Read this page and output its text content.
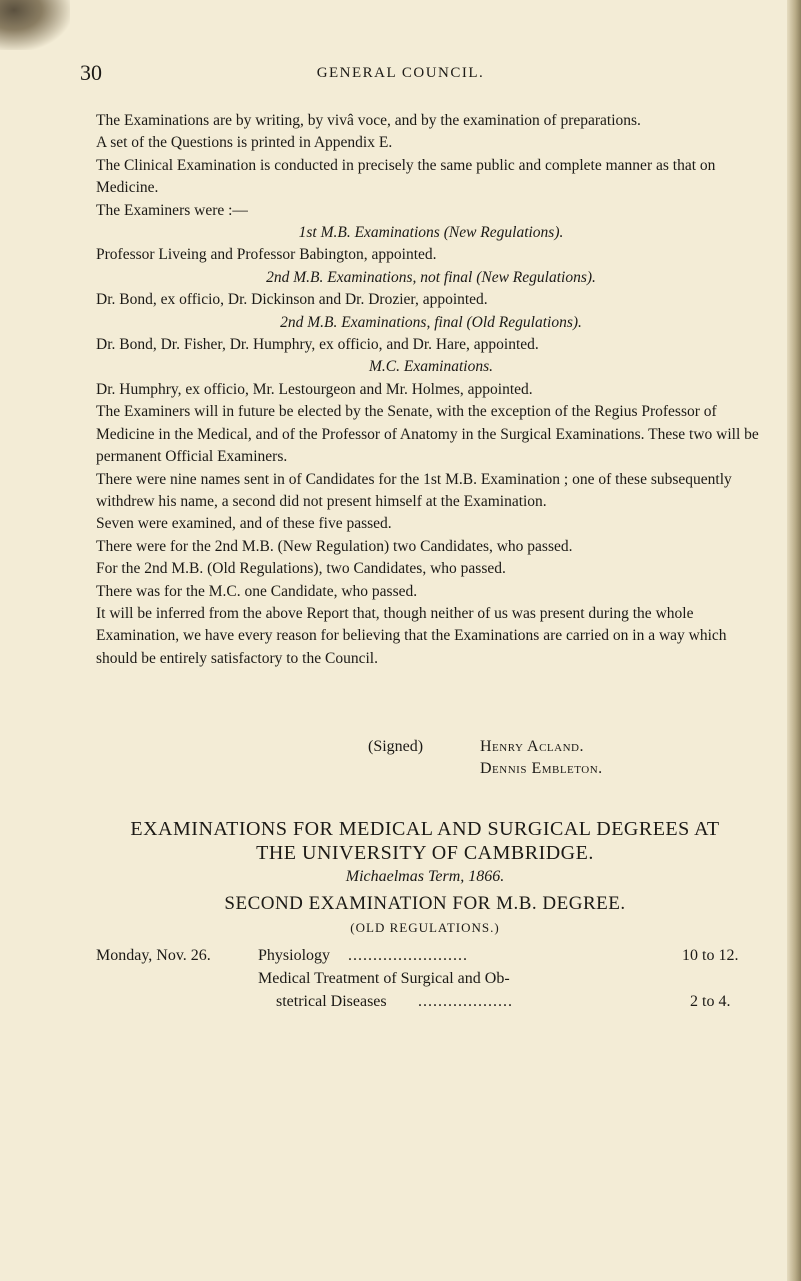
30	GENERAL COUNCIL.

The Examinations are by writing, by vivâ voce, and by the examination of preparations.

A set of the Questions is printed in Appendix E.

The Clinical Examination is conducted in precisely the same public and complete manner as that on Medicine.

The Examiners were :—

1st M.B. Examinations (New Regulations).

Professor Liveing and Professor Babington, appointed.

2nd M.B. Examinations, not final (New Regulations).

Dr. Bond, ex officio, Dr. Dickinson and Dr. Drozier, appointed.

2nd M.B. Examinations, final (Old Regulations).

Dr. Bond, Dr. Fisher, Dr. Humphry, ex officio, and Dr. Hare, appointed.

M.C. Examinations.

Dr. Humphry, ex officio, Mr. Lestourgeon and Mr. Holmes, appointed.

The Examiners will in future be elected by the Senate, with the exception of the Regius Professor of Medicine in the Medical, and of the Professor of Anatomy in the Surgical Examinations. These two will be permanent Official Examiners.

There were nine names sent in of Candidates for the 1st M.B. Examination ; one of these subsequently withdrew his name, a second did not present himself at the Examination.

Seven were examined, and of these five passed.

There were for the 2nd M.B. (New Regulation) two Candidates, who passed.

For the 2nd M.B. (Old Regulations), two Candidates, who passed.

There was for the M.C. one Candidate, who passed.

It will be inferred from the above Report that, though neither of us was present during the whole Examination, we have every reason for believing that the Examinations are carried on in a way which should be entirely satisfactory to the Council.

(Signed)	Henry Acland.
Dennis Embleton.
EXAMINATIONS FOR MEDICAL AND SURGICAL DEGREES AT
THE UNIVERSITY OF CAMBRIDGE.
Michaelmas Term, 1866.
SECOND EXAMINATION FOR M.B. DEGREE.
(OLD REGULATIONS.)
Monday, Nov. 26.	Physiology ........................	10 to 12.
Medical Treatment of Surgical and Ob-
stetrical Diseases ...................	2 to 4.
